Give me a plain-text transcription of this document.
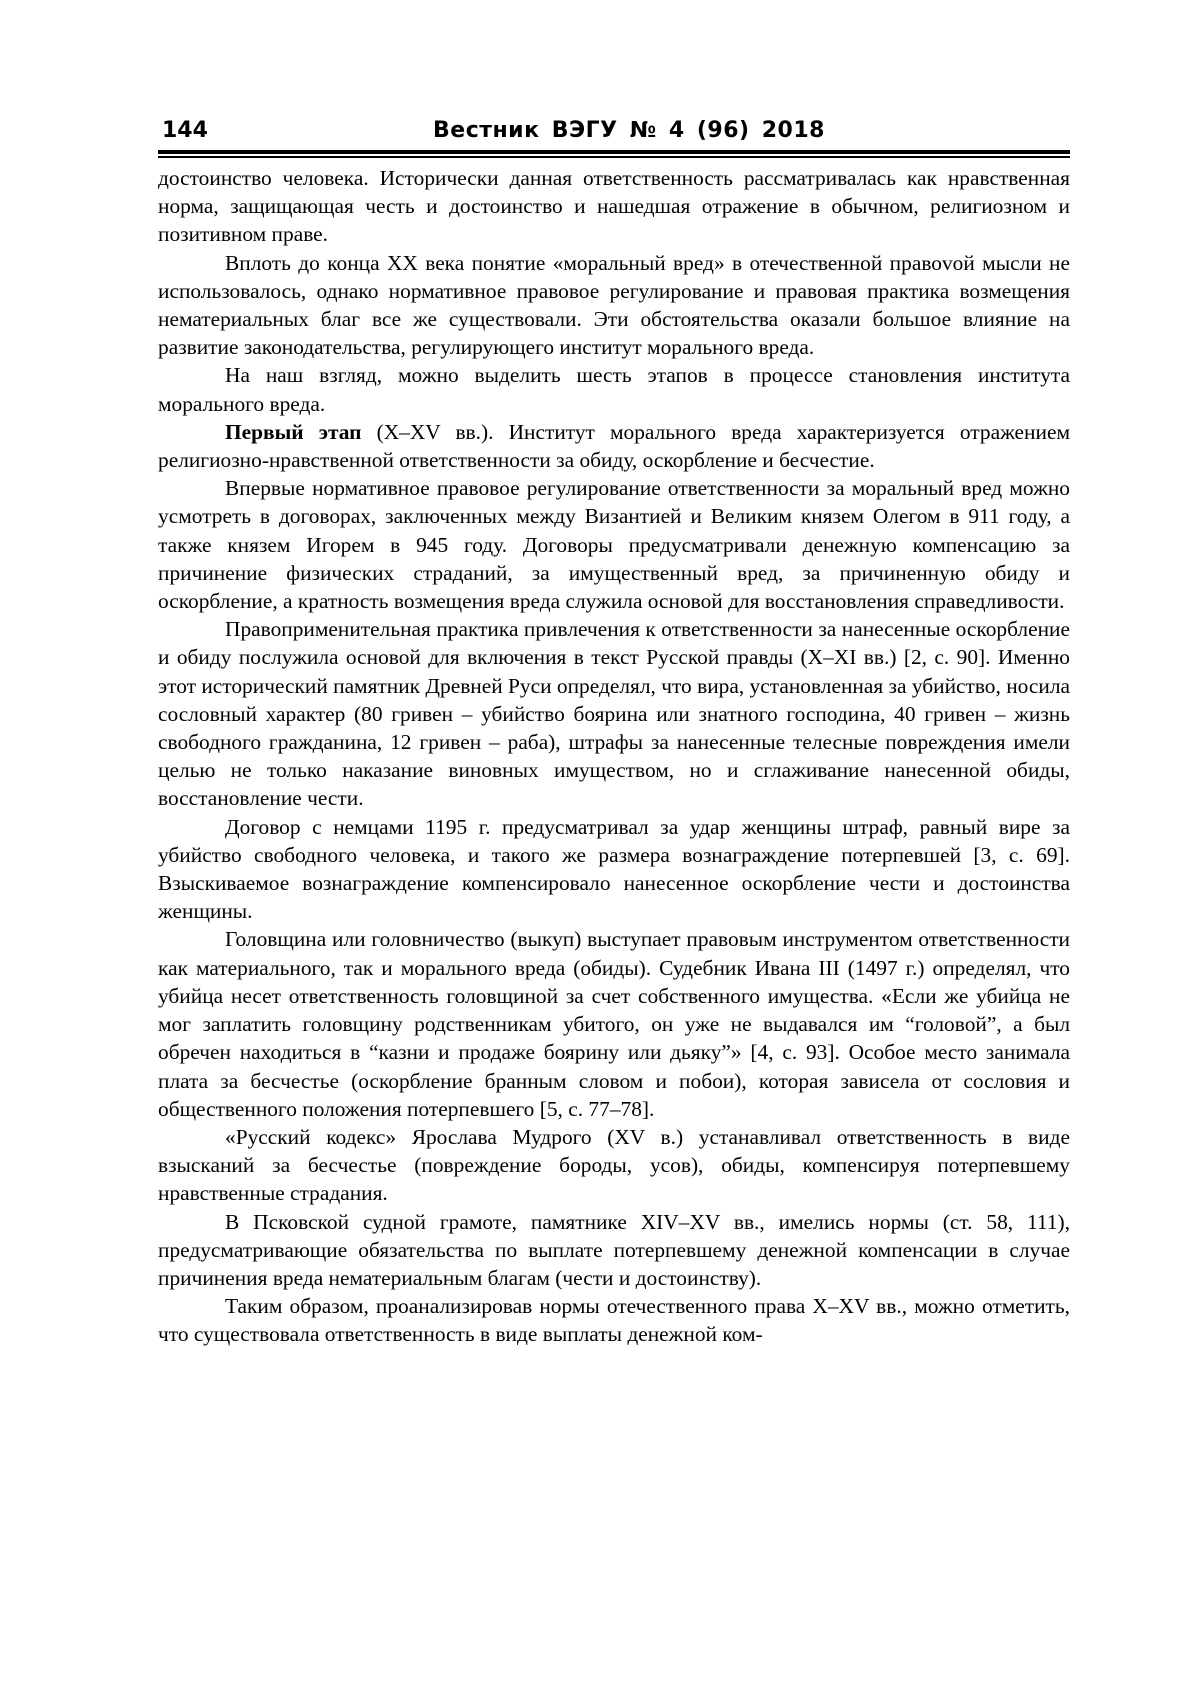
144	Вестник ВЭГУ № 4 (96) 2018

достоинство человека. Исторически данная ответственность рассматривалась как нравственная норма, защищающая честь и достоинство и нашедшая отражение в обычном, религиозном и позитивном праве.

Вплоть до конца XX века понятие «моральный вред» в отечественной правоvой мысли не использовалось, однако нормативное правовое регулирование и правовая практика возмещения нематериальных благ все же существовали. Эти обстоятельства оказали большое влияние на развитие законодательства, регулирующего институт морального вреда.

На наш взгляд, можно выделить шесть этапов в процессе становления института морального вреда.

Первый этап (X–XV вв.). Институт морального вреда характеризуется отражением религиозно-нравственной ответственности за обиду, оскорбление и бесчестие.

Впервые нормативное правовое регулирование ответственности за моральный вред можно усмотреть в договорах, заключенных между Византией и Великим князем Олегом в 911 году, а также князем Игорем в 945 году. Договоры предусматривали денежную компенсацию за причинение физических страданий, за имущественный вред, за причиненную обиду и оскорбление, а кратность возмещения вреда служила основой для восстановления справедливости.

Правоприменительная практика привлечения к ответственности за нанесенные оскорбление и обиду послужила основой для включения в текст Русской правды (X–XI вв.) [2, с. 90]. Именно этот исторический памятник Древней Руси определял, что вира, установленная за убийство, носила сословный характер (80 гривен – убийство боярина или знатного господина, 40 гривен – жизнь свободного гражданина, 12 гривен – раба), штрафы за нанесенные телесные повреждения имели целью не только наказание виновных имуществом, но и сглаживание нанесенной обиды, восстановление чести.

Договор с немцами 1195 г. предусматривал за удар женщины штраф, равный вире за убийство свободного человека, и такого же размера вознаграждение потерпевшей [3, с. 69]. Взыскиваемое вознаграждение компенсировало нанесенное оскорбление чести и достоинства женщины.

Головщина или головничество (выкуп) выступает правовым инструментом ответственности как материального, так и морального вреда (обиды). Судебник Ивана III (1497 г.) определял, что убийца несет ответственность головщиной за счет собственного имущества. «Если же убийца не мог заплатить головщину родственникам убитого, он уже не выдавался им “головой”, а был обречен находиться в “казни и продаже боярину или дьяку”» [4, с. 93]. Особое место занимала плата за бесчестье (оскорбление бранным словом и побои), которая зависела от сословия и общественного положения потерпевшего [5, с. 77–78].

«Русский кодекс» Ярослава Мудрого (XV в.) устанавливал ответственность в виде взысканий за бесчестье (повреждение бороды, усов), обиды, компенсируя потерпевшему нравственные страдания.

В Псковской судной грамоте, памятнике XIV–XV вв., имелись нормы (ст. 58, 111), предусматривающие обязательства по выплате потерпевшему денежной компенсации в случае причинения вреда нематериальным благам (чести и достоинству).

Таким образом, проанализировав нормы отечественного права X–XV вв., можно отметить, что существовала ответственность в виде выплаты денежной ком-
